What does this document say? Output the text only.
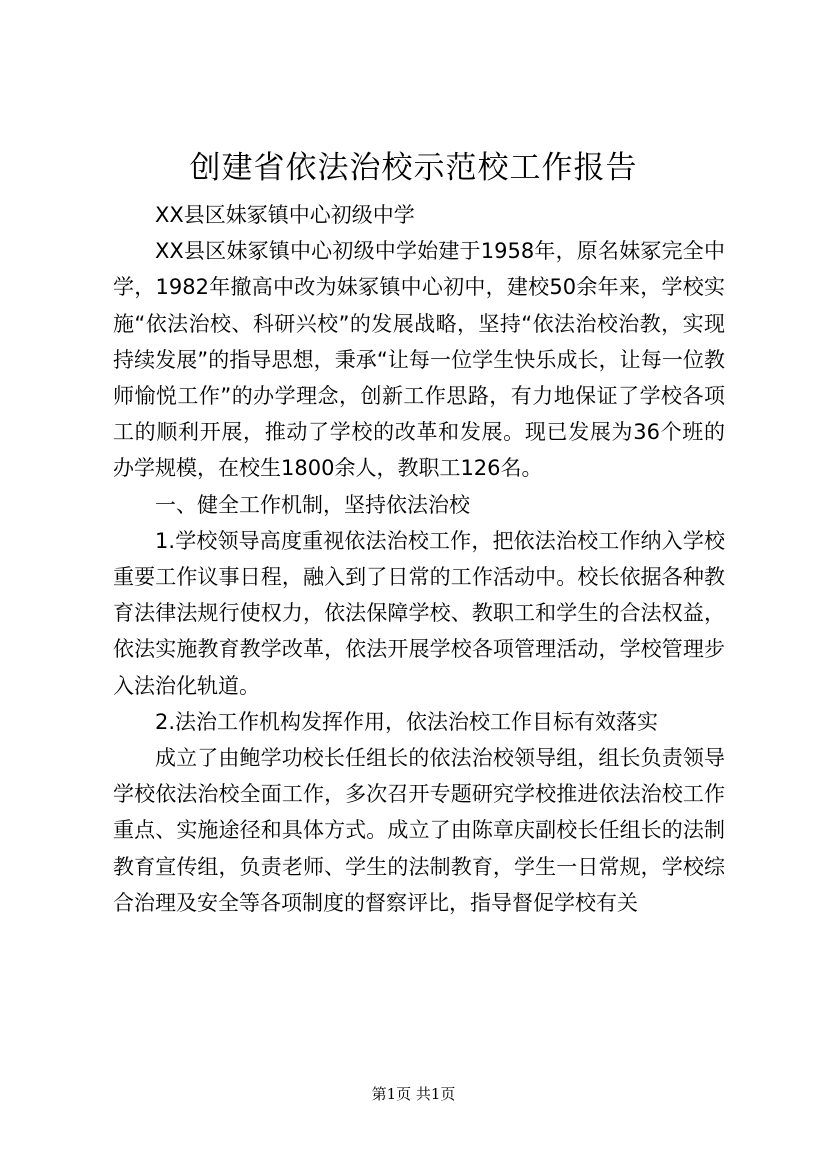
创建省依法治校示范校工作报告

XX县区妹冢镇中心初级中学

XX县区妹冢镇中心初级中学始建于1958年，原名妹冢完全中学，1982年撤高中改为妹冢镇中心初中，建校50余年来，学校实施“依法治校、科研兴校”的发展战略，坚持“依法治校治教，实现持续发展”的指导思想，秉承“让每一位学生快乐成长，让每一位教师愉悦工作”的办学理念，创新工作思路，有力地保证了学校各项工的顺利开展，推动了学校的改革和发展。现已发展为36个班的办学规模，在校生1800余人，教职工126名。

一、健全工作机制，坚持依法治校

1.学校领导高度重视依法治校工作，把依法治校工作纳入学校重要工作议事日程，融入到了日常的工作活动中。校长依据各种教育法律法规行使权力，依法保障学校、教职工和学生的合法权益，依法实施教育教学改革，依法开展学校各项管理活动，学校管理步入法治化轨道。

2.法治工作机构发挥作用，依法治校工作目标有效落实

成立了由鲍学功校长任组长的依法治校领导组，组长负责领导学校依法治校全面工作，多次召开专题研究学校推进依法治校工作重点、实施途径和具体方式。成立了由陈章庆副校长任组长的法制教育宣传组，负责老师、学生的法制教育，学生一日常规，学校综合治理及安全等各项制度的督察评比，指导督促学校有关

第1页 共1页
